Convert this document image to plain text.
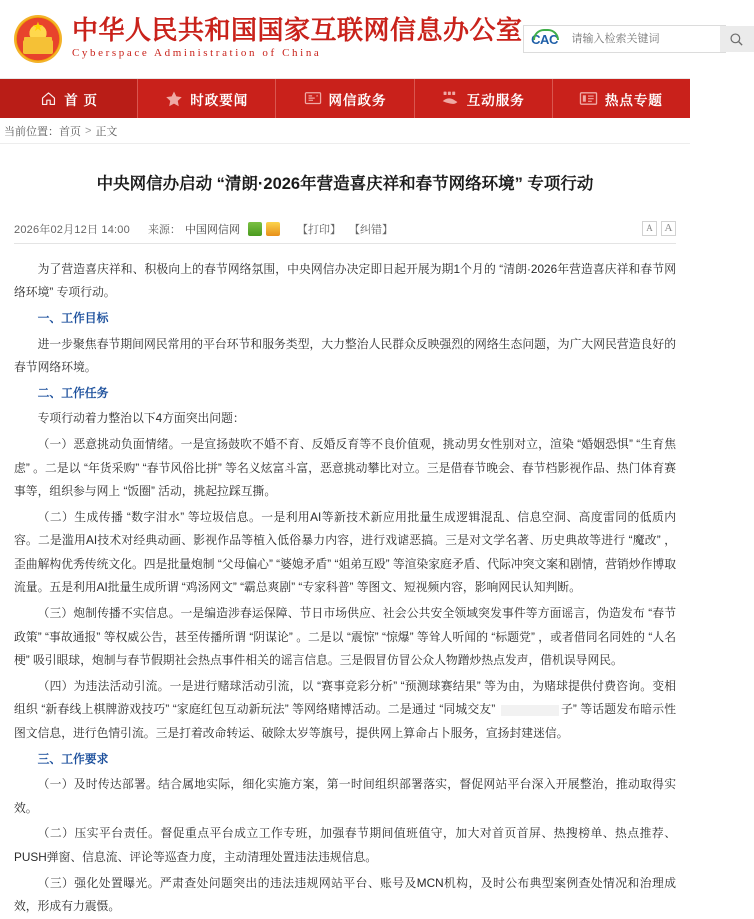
★
中华人民共和国国家互联网信息办公室
Cyberspace Administration of China
CAC
请输入检索关键词
首 页	时政要闻	网信政务	互动服务	热点专题
当前位置： 首页 > 正文
中央网信办启动 “清朗·2026年营造喜庆祥和春节网络环境” 专项行动
2026年02月12日 14:00 来源： 中国网信网	【打印】 【纠错】	A	A

为了营造喜庆祥和、积极向上的春节网络氛围，中央网信办决定即日起开展为期1个月的 “清朗·2026年营造喜庆祥和春节网络环境” 专项行动。

一、工作目标

进一步聚焦春节期间网民常用的平台环节和服务类型，大力整治人民群众反映强烈的网络生态问题，为广大网民营造良好的春节网络环境。

二、工作任务

专项行动着力整治以下4方面突出问题：

（一）恶意挑动负面情绪。一是宣扬鼓吹不婚不育、反婚反育等不良价值观，挑动男女性别对立，渲染 “婚姻恐惧” “生育焦虑” 。二是以 “年货采购” “春节风俗比拼” 等名义炫富斗富，恶意挑动攀比对立。三是借春节晚会、春节档影视作品、热门体育赛事等，组织参与网上 “饭圈” 活动，挑起拉踩互撕。

（二）生成传播 “数字泔水” 等垃圾信息。一是利用AI等新技术新应用批量生成逻辑混乱、信息空洞、高度雷同的低质内容。二是滥用AI技术对经典动画、影视作品等植入低俗暴力内容，进行戏谑恶搞。三是对文学名著、历史典故等进行 “魔改” ，歪曲解构优秀传统文化。四是批量炮制 “父母偏心” “婆媳矛盾” “姐弟互殴” 等渲染家庭矛盾、代际冲突文案和剧情，营销炒作博取流量。五是利用AI批量生成所谓 “鸡汤网文” “霸总爽剧” “专家科普” 等图文、短视频内容，影响网民认知判断。

（三）炮制传播不实信息。一是编造涉春运保障、节日市场供应、社会公共安全领域突发事件等方面谣言，伪造发布 “春节政策” “事故通报” 等权威公告，甚至传播所谓 “阴谋论” 。二是以 “震惊” “惊爆” 等耸人听闻的 “标题党” ，或者借同名同姓的 “人名梗” 吸引眼球，炮制与春节假期社会热点事件相关的谣言信息。三是假冒仿冒公众人物蹭炒热点发声，借机误导网民。

（四）为违法活动引流。一是进行赌球活动引流，以 “赛事竞彩分析” “预测球赛结果” 等为由，为赌球提供付费咨询。变相组织 “新春线上棋牌游戏技巧” “家庭红包互动新玩法” 等网络赌博活动。二是通过 “同城交友”	子” 等话题发布暗示性图文信息，进行色情引流。三是打着改命转运、破除太岁等旗号，提供网上算命占卜服务，宣扬封建迷信。

三、工作要求

（一）及时传达部署。结合属地实际，细化实施方案，第一时间组织部署落实，督促网站平台深入开展整治，推动取得实效。

（二）压实平台责任。督促重点平台成立工作专班，加强春节期间值班值守，加大对首页首屏、热搜榜单、热点推荐、PUSH弹窗、信息流、评论等巡查力度，主动清理处置违法违规信息。

（三）强化处置曝光。严肃查处问题突出的违法违规网站平台、账号及MCN机构，及时公布典型案例查处情况和治理成效，形成有力震慑。
